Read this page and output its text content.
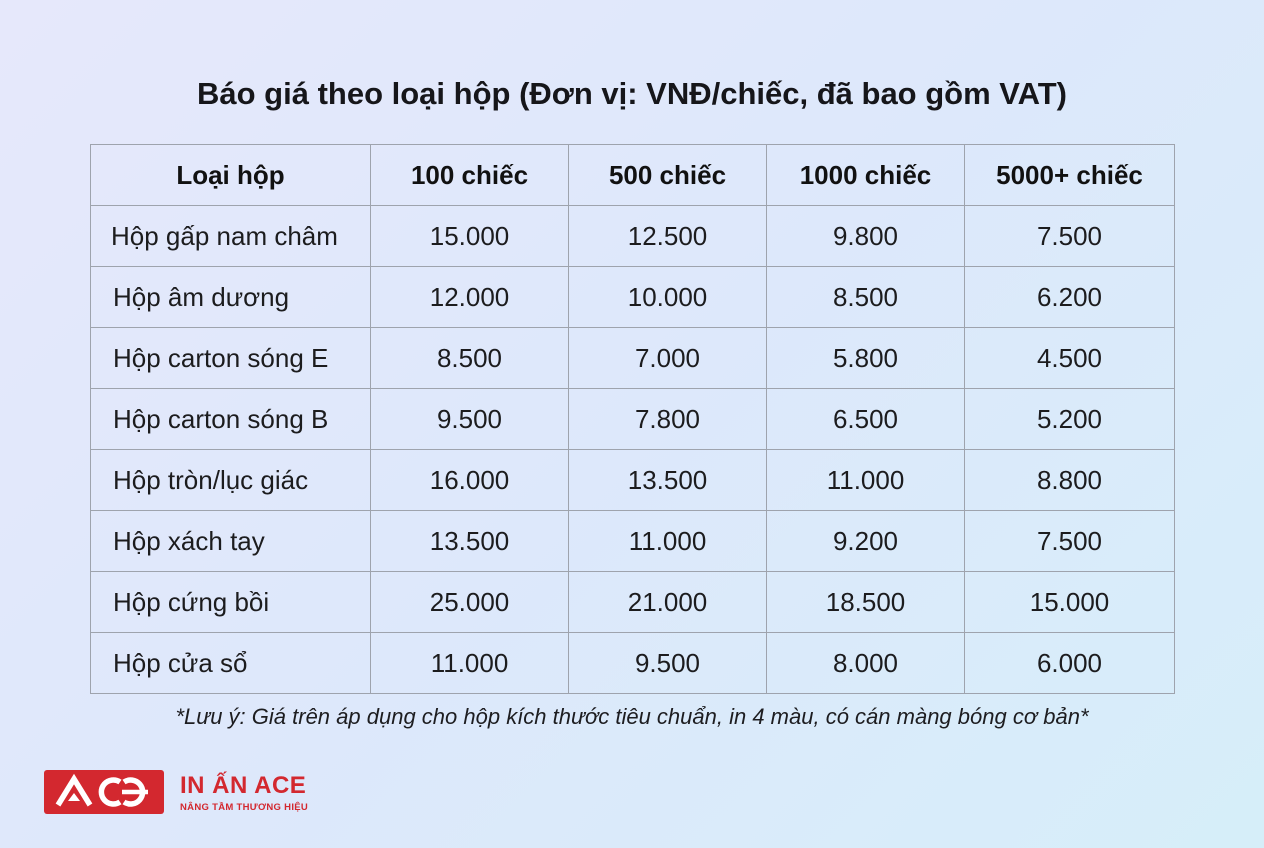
Báo giá theo loại hộp (Đơn vị: VNĐ/chiếc, đã bao gồm VAT)
Loại hộp	100 chiếc	500 chiếc	1000 chiếc	5000+ chiếc
Hộp gấp nam châm	15.000	12.500	9.800	7.500
Hộp âm dương	12.000	10.000	8.500	6.200
Hộp carton sóng E	8.500	7.000	5.800	4.500
Hộp carton sóng B	9.500	7.800	6.500	5.200
Hộp tròn/lục giác	16.000	13.500	11.000	8.800
Hộp xách tay	13.500	11.000	9.200	7.500
Hộp cứng bồi	25.000	21.000	18.500	15.000
Hộp cửa sổ	11.000	9.500	8.000	6.000
*Lưu ý: Giá trên áp dụng cho hộp kích thước tiêu chuẩn, in 4 màu, có cán màng bóng cơ bản*
IN ẤN ACE
NÂNG TẦM THƯƠNG HIỆU
